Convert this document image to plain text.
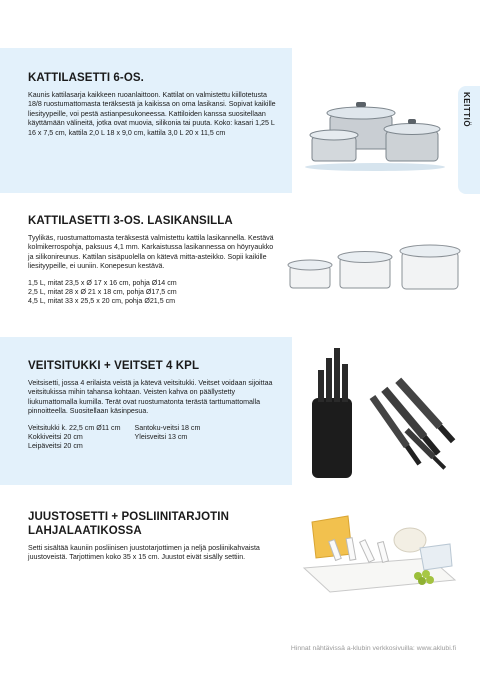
KEITTIÖ

KATTILASETTI 6-OS.

Kaunis kattilasarja kaikkeen ruoanlaittoon. Kattilat on valmistettu kiillotetusta 18/8 ruostumattomasta teräksestä ja kaikissa on oma lasikansi. Sopivat kaikille liesityypeille, voi pestä astianpesukoneessa. Kattiloiden kanssa suositellaan käyttämään välineitä, jotka ovat muovia, silikonia tai puuta. Koko: kasari 1,25 L 16 x 7,5 cm, kattila 2,0 L 18 x 9,0 cm, kattila 3,0 L 20 x 11,5 cm

KATTILASETTI 3-OS. LASIKANSILLA

Tyylikäs, ruostumattomasta teräksestä valmistettu kattila lasikannella. Kestävä kolmikerrospohja, paksuus 4,1 mm. Karkaistussa lasikannessa on höyryaukko ja silikonireunus. Kattilan sisäpuolella on kätevä mitta-asteikko. Sopii kaikille liesityypeille, ei uuniin. Konepesun kestävä.

1,5 L, mitat 23,5 x Ø 17 x 16 cm, pohja Ø14 cm
2,5 L, mitat 28 x Ø 21 x 18 cm, pohja Ø17,5 cm
4,5 L, mitat 33 x 25,5 x 20 cm, pohja Ø21,5 cm

VEITSITUKKI + VEITSET 4 KPL

Veitsisetti, jossa 4 erilaista veistä ja kätevä veitsitukki. Veitset voidaan sijoittaa veitsitukissa mihin tahansa kohtaan. Veisten kahva on päällystetty liukumattomalla kumilla. Terät ovat ruostumatonta terästä tarttumattomalla pinnoitteella. Suositellaan käsinpesua.

Veitsitukki k. 22,5 cm Ø11 cm
Kokkiveitsi 20 cm
Leipäveitsi 20 cm
Santoku-veitsi 18 cm
Yleisveitsi 13 cm

JUUSTOSETTI + POSLIINITARJOTIN
LAHJALAATIKOSSA

Setti sisältää kauniin posliinisen juustotarjottimen ja neljä posliinikahvaista juustoveistä. Tarjottimen koko 35 x 15 cm. Juustot eivät sisälly settiin.

Hinnat nähtävissä a-klubin verkkosivuilla: www.aklubi.fi
